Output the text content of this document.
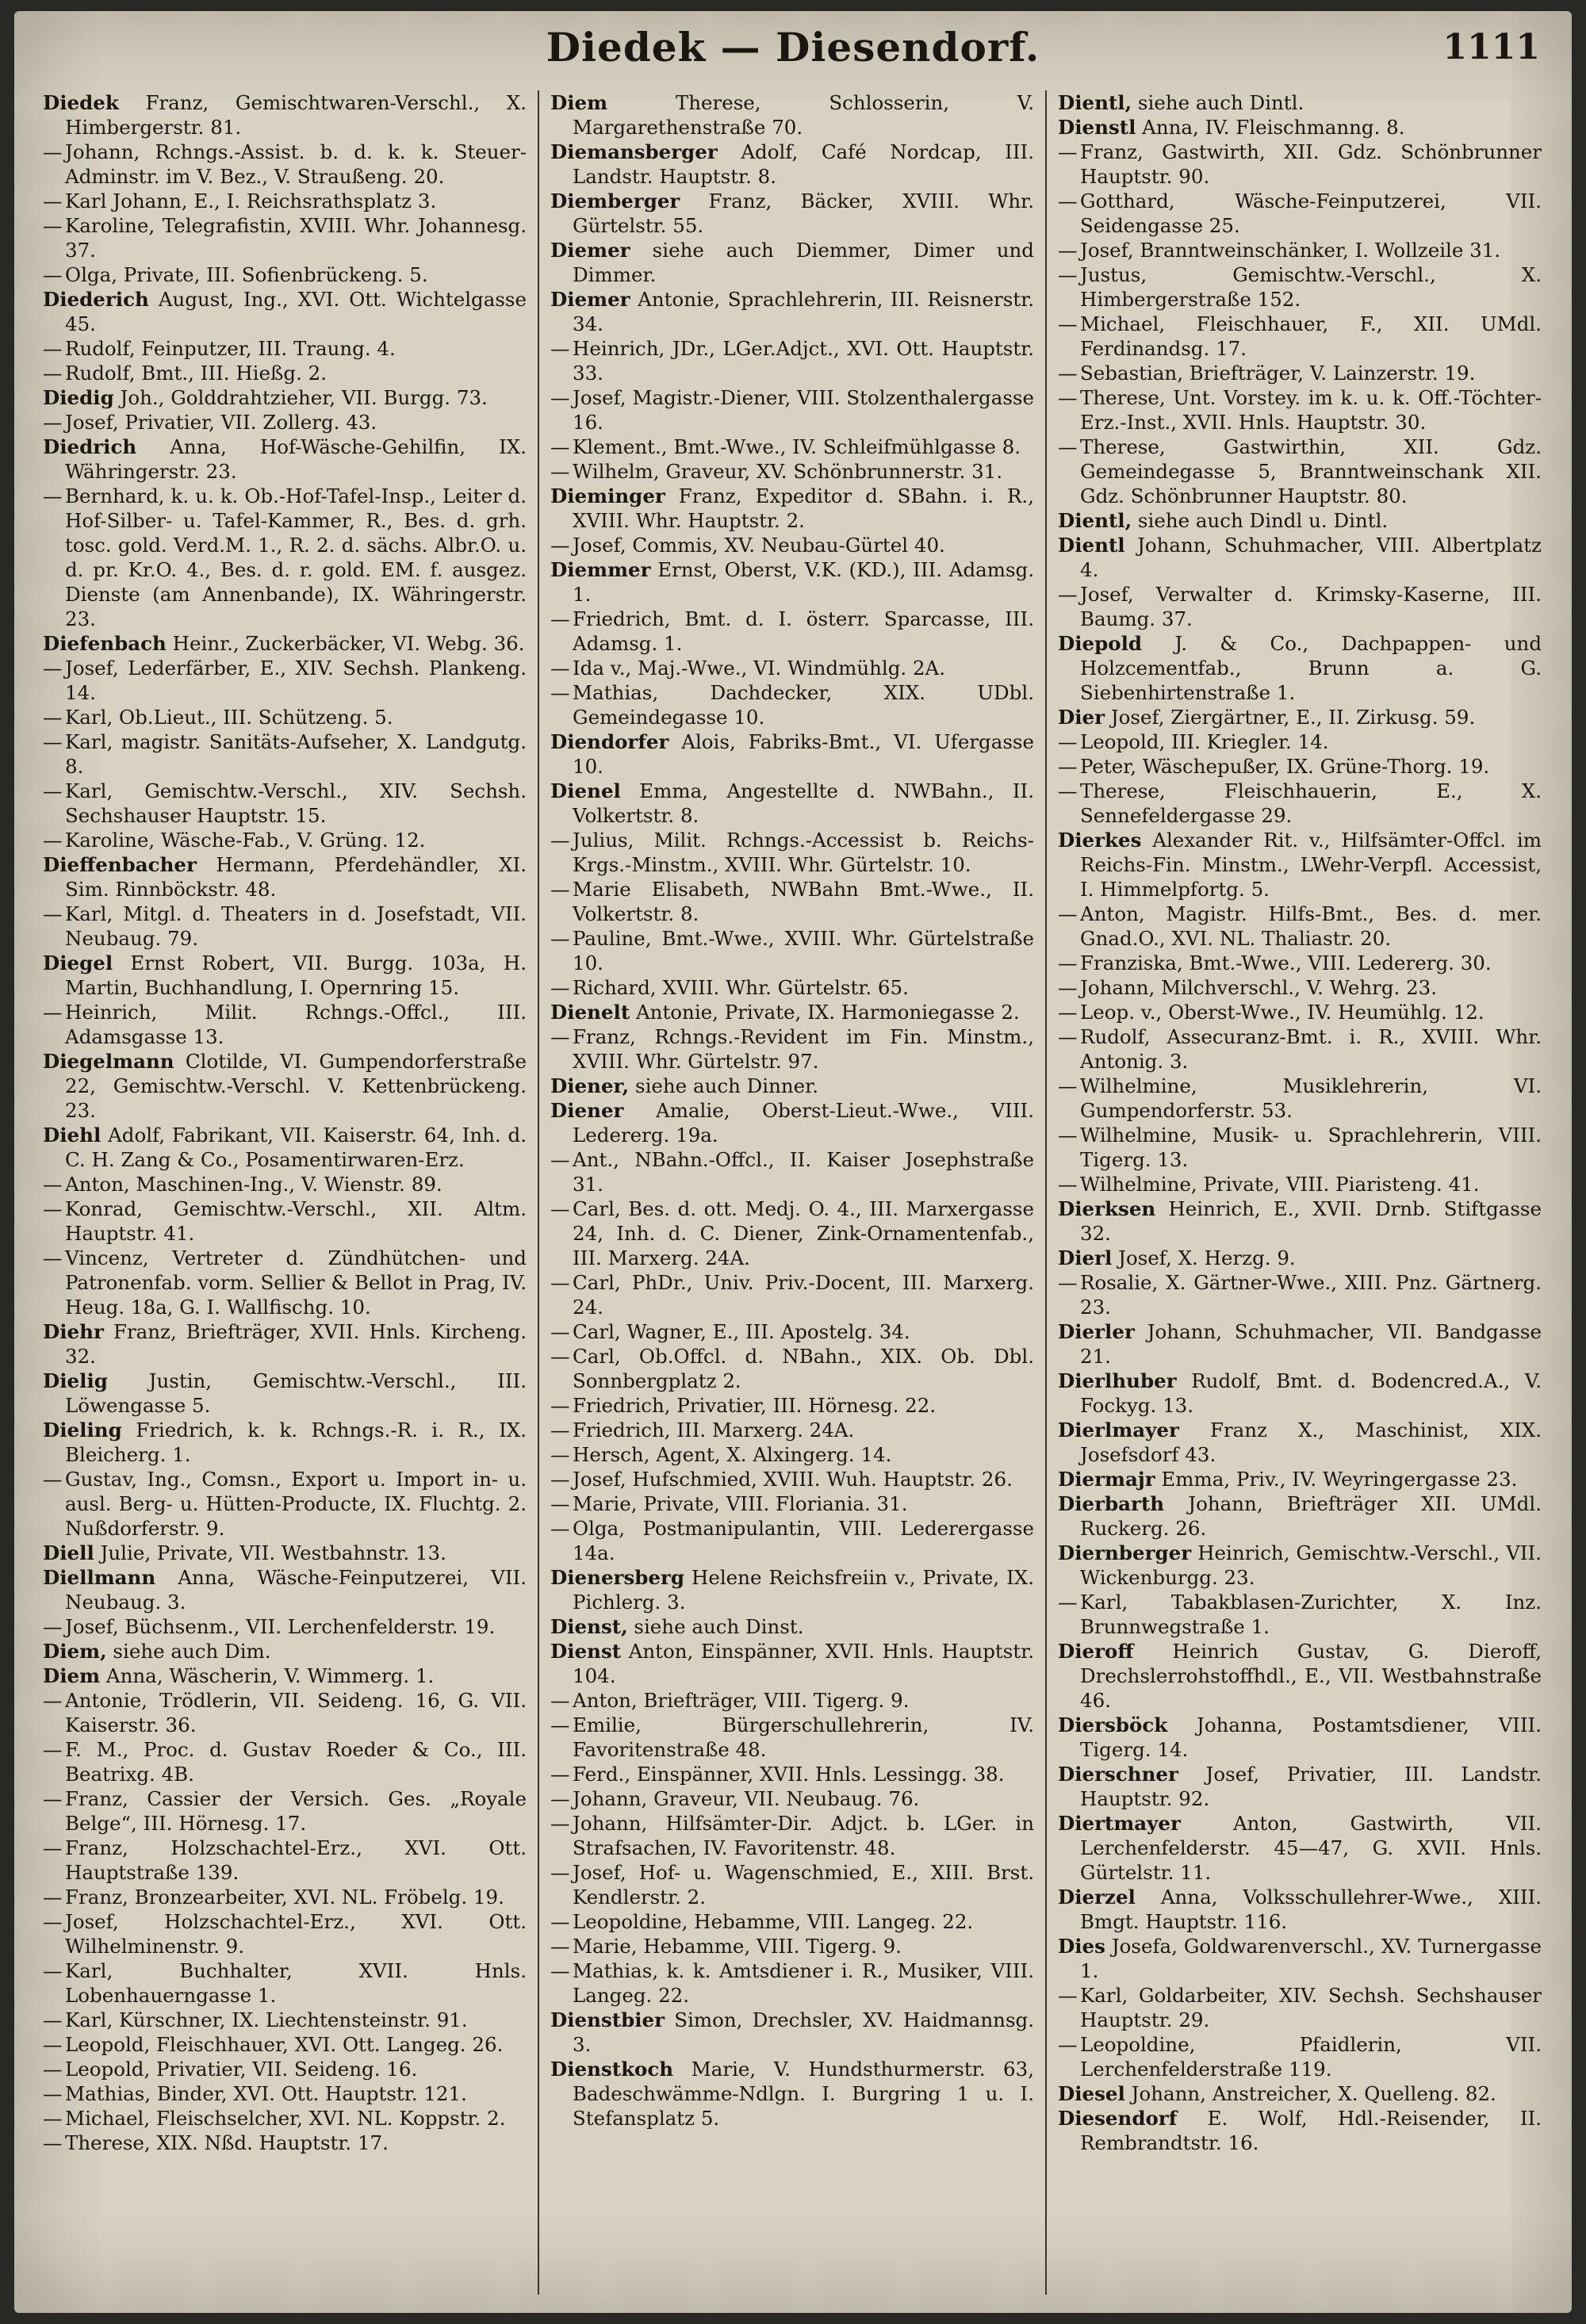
Diedek — Diesendorf.	1111

Diedek Franz, Gemischtwaren-Verschl., X. Himbergerstr. 81.

— Johann, Rchngs.-Assist. b. d. k. k. Steuer-Adminstr. im V. Bez., V. Straußeng. 20.

— Karl Johann, E., I. Reichsrathsplatz 3.

— Karoline, Telegrafistin, XVIII. Whr. Johannesg. 37.

— Olga, Private, III. Sofienbrückeng. 5.

Diederich August, Ing., XVI. Ott. Wichtelgasse 45.

— Rudolf, Feinputzer, III. Traung. 4.

— Rudolf, Bmt., III. Hießg. 2.

Diedig Joh., Golddrahtzieher, VII. Burgg. 73.

— Josef, Privatier, VII. Zollerg. 43.

Diedrich Anna, Hof-Wäsche-Gehilfin, IX. Währingerstr. 23.

— Bernhard, k. u. k. Ob.-Hof-Tafel-Insp., Leiter d. Hof-Silber- u. Tafel-Kammer, R., Bes. d. grh. tosc. gold. Verd.M. 1., R. 2. d. sächs. Albr.O. u. d. pr. Kr.O. 4., Bes. d. r. gold. EM. f. ausgez. Dienste (am Annenbande), IX. Währingerstr. 23.

Diefenbach Heinr., Zuckerbäcker, VI. Webg. 36.

— Josef, Lederfärber, E., XIV. Sechsh. Plankeng. 14.

— Karl, Ob.Lieut., III. Schützeng. 5.

— Karl, magistr. Sanitäts-Aufseher, X. Landgutg. 8.

— Karl, Gemischtw.-Verschl., XIV. Sechsh. Sechshauser Hauptstr. 15.

— Karoline, Wäsche-Fab., V. Grüng. 12.

Dieffenbacher Hermann, Pferdehändler, XI. Sim. Rinnböckstr. 48.

— Karl, Mitgl. d. Theaters in d. Josefstadt, VII. Neubaug. 79.

Diegel Ernst Robert, VII. Burgg. 103a, H. Martin, Buchhandlung, I. Opernring 15.

— Heinrich, Milit. Rchngs.-Offcl., III. Adamsgasse 13.

Diegelmann Clotilde, VI. Gumpendorferstraße 22, Gemischtw.-Verschl. V. Kettenbrückeng. 23.

Diehl Adolf, Fabrikant, VII. Kaiserstr. 64, Inh. d. C. H. Zang & Co., Posamentirwaren-Erz.

— Anton, Maschinen-Ing., V. Wienstr. 89.

— Konrad, Gemischtw.-Verschl., XII. Altm. Hauptstr. 41.

— Vincenz, Vertreter d. Zündhütchen- und Patronenfab. vorm. Sellier & Bellot in Prag, IV. Heug. 18a, G. I. Wallfischg. 10.

Diehr Franz, Briefträger, XVII. Hnls. Kircheng. 32.

Dielig Justin, Gemischtw.-Verschl., III. Löwengasse 5.

Dieling Friedrich, k. k. Rchngs.-R. i. R., IX. Bleicherg. 1.

— Gustav, Ing., Comsn., Export u. Import in- u. ausl. Berg- u. Hütten-Producte, IX. Fluchtg. 2. Nußdorferstr. 9.

Diell Julie, Private, VII. Westbahnstr. 13.

Diellmann Anna, Wäsche-Feinputzerei, VII. Neubaug. 3.

— Josef, Büchsenm., VII. Lerchenfelderstr. 19.

Diem, siehe auch Dim.

Diem Anna, Wäscherin, V. Wimmerg. 1.

— Antonie, Trödlerin, VII. Seideng. 16, G. VII. Kaiserstr. 36.

— F. M., Proc. d. Gustav Roeder & Co., III. Beatrixg. 4B.

— Franz, Cassier der Versich. Ges. „Royale Belge“, III. Hörnesg. 17.

— Franz, Holzschachtel-Erz., XVI. Ott. Hauptstraße 139.

— Franz, Bronzearbeiter, XVI. NL. Fröbelg. 19.

— Josef, Holzschachtel-Erz., XVI. Ott. Wilhelminenstr. 9.

— Karl, Buchhalter, XVII. Hnls. Lobenhauerngasse 1.

— Karl, Kürschner, IX. Liechtensteinstr. 91.

— Leopold, Fleischhauer, XVI. Ott. Langeg. 26.

— Leopold, Privatier, VII. Seideng. 16.

— Mathias, Binder, XVI. Ott. Hauptstr. 121.

— Michael, Fleischselcher, XVI. NL. Koppstr. 2.

— Therese, XIX. Nßd. Hauptstr. 17.

Diem	Therese, Schlosserin, V. Margarethenstraße 70.

Diemansberger Adolf, Café Nordcap, III. Landstr. Hauptstr. 8.

Diemberger Franz, Bäcker, XVIII. Whr. Gürtelstr. 55.

Diemer siehe auch Diemmer, Dimer und Dimmer.

Diemer Antonie, Sprachlehrerin, III. Reisnerstr. 34.

— Heinrich, JDr., LGer.Adjct., XVI. Ott. Hauptstr. 33.

— Josef, Magistr.-Diener, VIII. Stolzenthalergasse 16.

— Klement., Bmt.-Wwe., IV. Schleifmühlgasse 8.

— Wilhelm, Graveur, XV. Schönbrunnerstr. 31.

Dieminger Franz, Expeditor d. SBahn. i. R., XVIII. Whr. Hauptstr. 2.

— Josef, Commis, XV. Neubau-Gürtel 40.

Diemmer Ernst, Oberst, V.K. (KD.), III. Adamsg. 1.

— Friedrich, Bmt. d. I. österr. Sparcasse, III. Adamsg. 1.

— Ida v., Maj.-Wwe., VI. Windmühlg. 2A.

— Mathias, Dachdecker, XIX. UDbl. Gemeindegasse 10.

Diendorfer Alois, Fabriks-Bmt., VI. Ufergasse 10.

Dienel Emma, Angestellte d. NWBahn., II. Volkertstr. 8.

— Julius, Milit. Rchngs.-Accessist b. Reichs-Krgs.-Minstm., XVIII. Whr. Gürtelstr. 10.

— Marie Elisabeth, NWBahn Bmt.-Wwe., II. Volkertstr. 8.

— Pauline, Bmt.-Wwe., XVIII. Whr. Gürtelstraße 10.

— Richard, XVIII. Whr. Gürtelstr. 65.

Dienelt Antonie, Private, IX. Harmoniegasse 2.

— Franz, Rchngs.-Revident im Fin. Minstm., XVIII. Whr. Gürtelstr. 97.

Diener, siehe auch Dinner.

Diener Amalie, Oberst-Lieut.-Wwe., VIII. Ledererg. 19a.

— Ant., NBahn.-Offcl., II. Kaiser Josephstraße 31.

— Carl, Bes. d. ott. Medj. O. 4., III. Marxergasse 24, Inh. d. C. Diener, Zink-Ornamentenfab., III. Marxerg. 24A.

— Carl, PhDr., Univ. Priv.-Docent, III. Marxerg. 24.

— Carl, Wagner, E., III. Apostelg. 34.

— Carl, Ob.Offcl. d. NBahn., XIX. Ob. Dbl. Sonnbergplatz 2.

— Friedrich, Privatier, III. Hörnesg. 22.

— Friedrich, III. Marxerg. 24A.

— Hersch, Agent, X. Alxingerg. 14.

— Josef, Hufschmied, XVIII. Wuh. Hauptstr. 26.

— Marie, Private, VIII. Floriania. 31.

— Olga, Postmanipulantin, VIII. Lederergasse 14a.

Dienersberg Helene Reichsfreiin v., Private, IX. Pichlerg. 3.

Dienst, siehe auch Dinst.

Dienst Anton, Einspänner, XVII. Hnls. Hauptstr. 104.

— Anton, Briefträger, VIII. Tigerg. 9.

— Emilie, Bürgerschullehrerin, IV. Favoritenstraße 48.

— Ferd., Einspänner, XVII. Hnls. Lessingg. 38.

— Johann, Graveur, VII. Neubaug. 76.

— Johann, Hilfsämter-Dir. Adjct. b. LGer. in Strafsachen, IV. Favoritenstr. 48.

— Josef, Hof- u. Wagenschmied, E., XIII. Brst. Kendlerstr. 2.

— Leopoldine, Hebamme, VIII. Langeg. 22.

— Marie, Hebamme, VIII. Tigerg. 9.

— Mathias, k. k. Amtsdiener i. R., Musiker, VIII. Langeg. 22.

Dienstbier Simon, Drechsler, XV. Haidmannsg. 3.

Dienstkoch Marie, V. Hundsthurmerstr. 63, Badeschwämme-Ndlgn. I. Burgring 1 u. I. Stefansplatz 5.

Dientl, siehe auch Dintl.

Dienstl Anna, IV. Fleischmanng. 8.

— Franz, Gastwirth, XII. Gdz. Schönbrunner Hauptstr. 90.

— Gotthard, Wäsche-Feinputzerei, VII. Seidengasse 25.

— Josef, Branntweinschänker, I. Wollzeile 31.

— Justus, Gemischtw.-Verschl., X. Himbergerstraße 152.

— Michael, Fleischhauer, F., XII. UMdl. Ferdinandsg. 17.

— Sebastian, Briefträger, V. Lainzerstr. 19.

— Therese, Unt. Vorstey. im k. u. k. Off.-Töchter-Erz.-Inst., XVII. Hnls. Hauptstr. 30.

— Therese, Gastwirthin, XII. Gdz. Gemeindegasse 5, Branntweinschank XII. Gdz. Schönbrunner Hauptstr. 80.

Dientl, siehe auch Dindl u. Dintl.

Dientl Johann, Schuhmacher, VIII. Albertplatz 4.

— Josef, Verwalter d. Krimsky-Kaserne, III. Baumg. 37.

Diepold J. & Co., Dachpappen- und Holzcementfab., Brunn a. G. Siebenhirtenstraße 1.

Dier Josef, Ziergärtner, E., II. Zirkusg. 59.

— Leopold, III. Kriegler. 14.

— Peter, Wäschepußer, IX. Grüne-Thorg. 19.

— Therese, Fleischhauerin, E., X. Sennefeldergasse 29.

Dierkes Alexander Rit. v., Hilfsämter-Offcl. im Reichs-Fin. Minstm., LWehr-Verpfl. Accessist, I. Himmelpfortg. 5.

— Anton, Magistr. Hilfs-Bmt., Bes. d. mer. Gnad.O., XVI. NL. Thaliastr. 20.

— Franziska, Bmt.-Wwe., VIII. Ledererg. 30.

— Johann, Milchverschl., V. Wehrg. 23.

— Leop. v., Oberst-Wwe., IV. Heumühlg. 12.

— Rudolf, Assecuranz-Bmt. i. R., XVIII. Whr. Antonig. 3.

— Wilhelmine, Musiklehrerin, VI. Gumpendorferstr. 53.

— Wilhelmine, Musik- u. Sprachlehrerin, VIII. Tigerg. 13.

— Wilhelmine, Private, VIII. Piaristeng. 41.

Dierksen Heinrich, E., XVII. Drnb. Stiftgasse 32.

Dierl Josef, X. Herzg. 9.

— Rosalie, X. Gärtner-Wwe., XIII. Pnz. Gärtnerg. 23.

Dierler Johann, Schuhmacher, VII. Bandgasse 21.

Dierlhuber Rudolf, Bmt. d. Bodencred.A., V. Fockyg. 13.

Dierlmayer Franz X., Maschinist, XIX. Josefsdorf 43.

Diermajr Emma, Priv., IV. Weyringergasse 23.

Dierbarth Johann, Briefträger XII. UMdl. Ruckerg. 26.

Diernberger Heinrich, Gemischtw.-Verschl., VII. Wickenburgg. 23.

— Karl, Tabakblasen-Zurichter, X. Inz. Brunnwegstraße 1.

Dieroff Heinrich Gustav, G. Dieroff, Drechslerrohstoffhdl., E., VII. Westbahnstraße 46.

Diersböck Johanna, Postamtsdiener, VIII. Tigerg. 14.

Dierschner Josef, Privatier, III. Landstr. Hauptstr. 92.

Diertmayer	Anton, Gastwirth, VII. Lerchenfelderstr. 45—47, G. XVII. Hnls. Gürtelstr. 11.

Dierzel Anna, Volksschullehrer-Wwe., XIII. Bmgt. Hauptstr. 116.

Dies Josefa, Goldwarenverschl., XV. Turnergasse 1.

— Karl, Goldarbeiter, XIV. Sechsh. Sechshauser Hauptstr. 29.

— Leopoldine, Pfaidlerin, VII. Lerchenfelderstraße 119.

Diesel Johann, Anstreicher, X. Quelleng. 82.

Diesendorf E. Wolf, Hdl.-Reisender, II. Rembrandtstr. 16.
